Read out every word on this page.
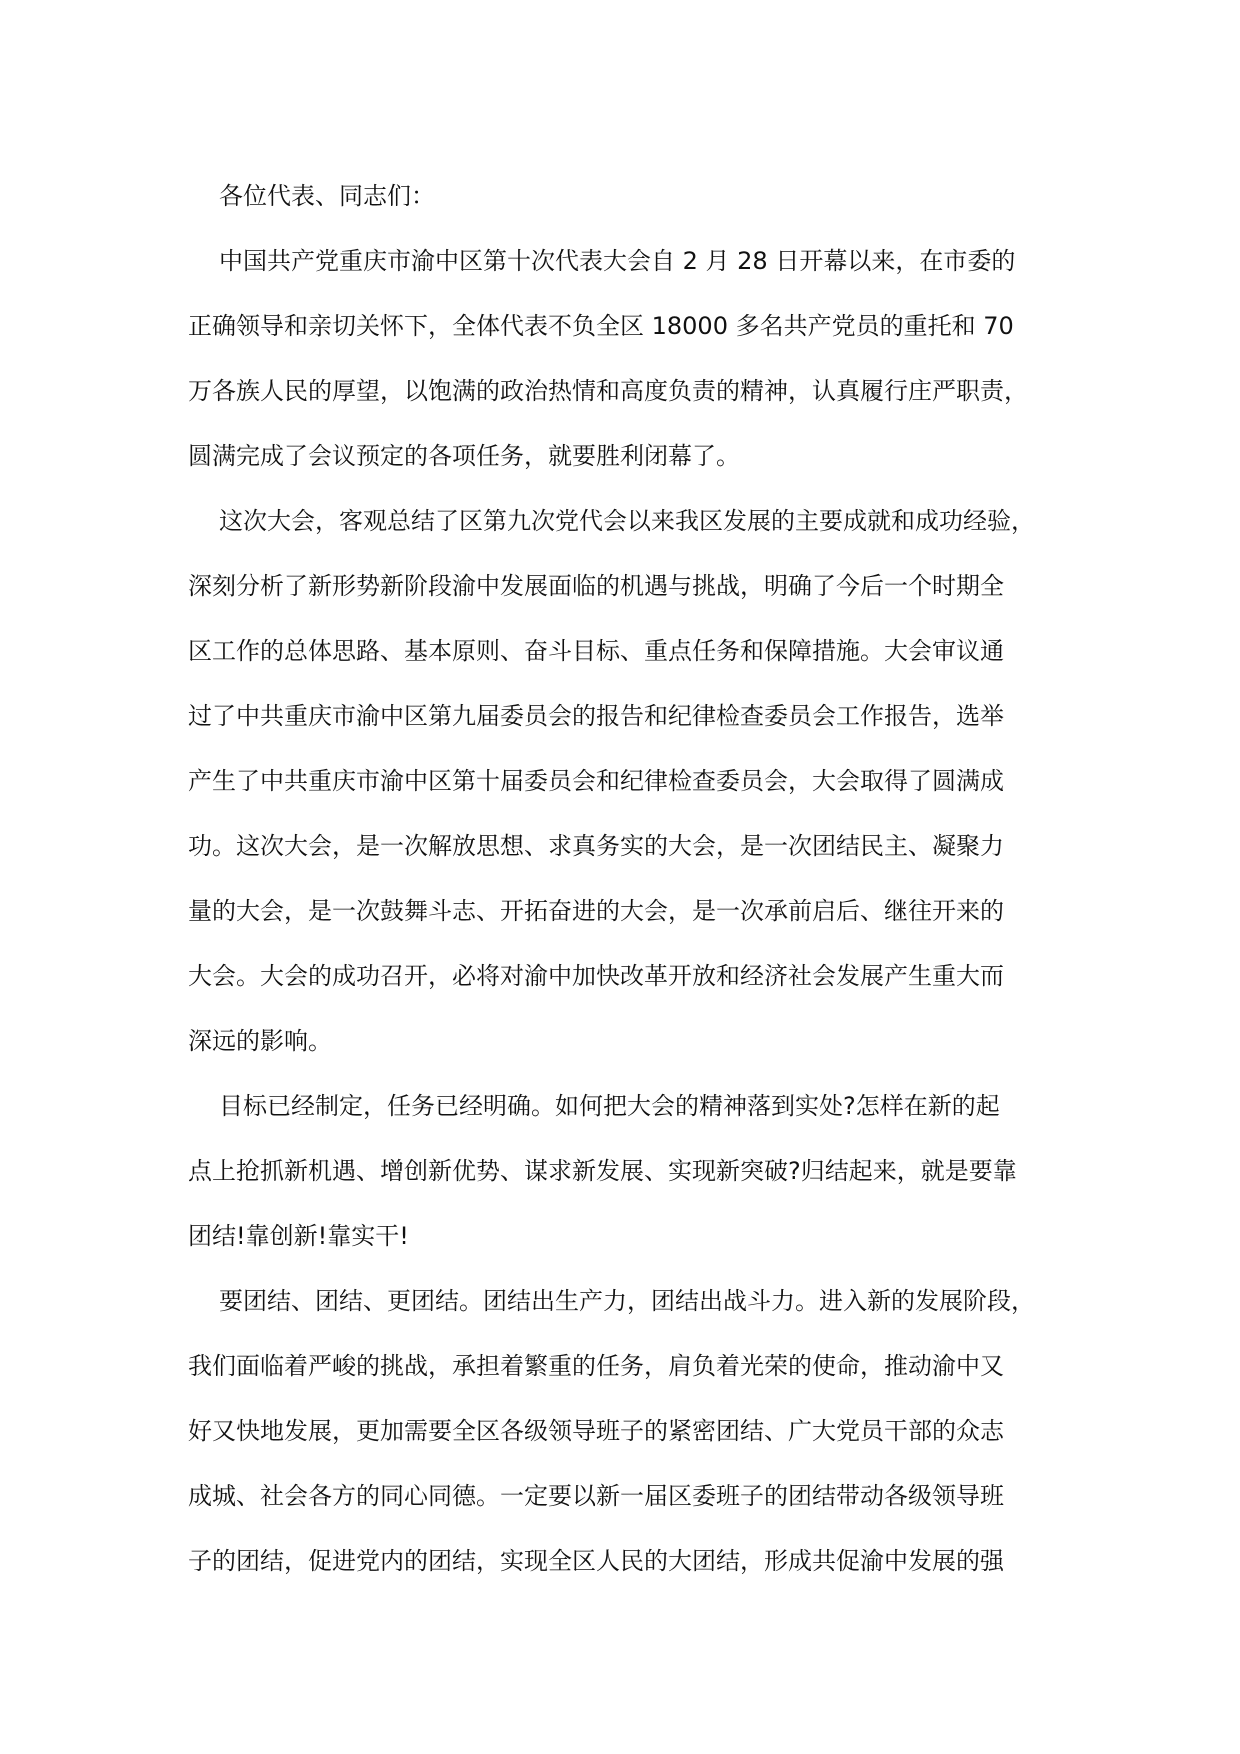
各位代表、同志们：
中国共产党重庆市渝中区第十次代表大会自 2 月 28 日开幕以来，在市委的
正确领导和亲切关怀下，全体代表不负全区 18000 多名共产党员的重托和 70
万各族人民的厚望，以饱满的政治热情和高度负责的精神，认真履行庄严职责，
圆满完成了会议预定的各项任务，就要胜利闭幕了。
这次大会，客观总结了区第九次党代会以来我区发展的主要成就和成功经验，
深刻分析了新形势新阶段渝中发展面临的机遇与挑战，明确了今后一个时期全
区工作的总体思路、基本原则、奋斗目标、重点任务和保障措施。大会审议通
过了中共重庆市渝中区第九届委员会的报告和纪律检查委员会工作报告，选举
产生了中共重庆市渝中区第十届委员会和纪律检查委员会，大会取得了圆满成
功。这次大会，是一次解放思想、求真务实的大会，是一次团结民主、凝聚力
量的大会，是一次鼓舞斗志、开拓奋进的大会，是一次承前启后、继往开来的
大会。大会的成功召开，必将对渝中加快改革开放和经济社会发展产生重大而
深远的影响。
目标已经制定，任务已经明确。如何把大会的精神落到实处?怎样在新的起
点上抢抓新机遇、增创新优势、谋求新发展、实现新突破?归结起来，就是要靠
团结!靠创新!靠实干!
要团结、团结、更团结。团结出生产力，团结出战斗力。进入新的发展阶段，
我们面临着严峻的挑战，承担着繁重的任务，肩负着光荣的使命，推动渝中又
好又快地发展，更加需要全区各级领导班子的紧密团结、广大党员干部的众志
成城、社会各方的同心同德。一定要以新一届区委班子的团结带动各级领导班
子的团结，促进党内的团结，实现全区人民的大团结，形成共促渝中发展的强
